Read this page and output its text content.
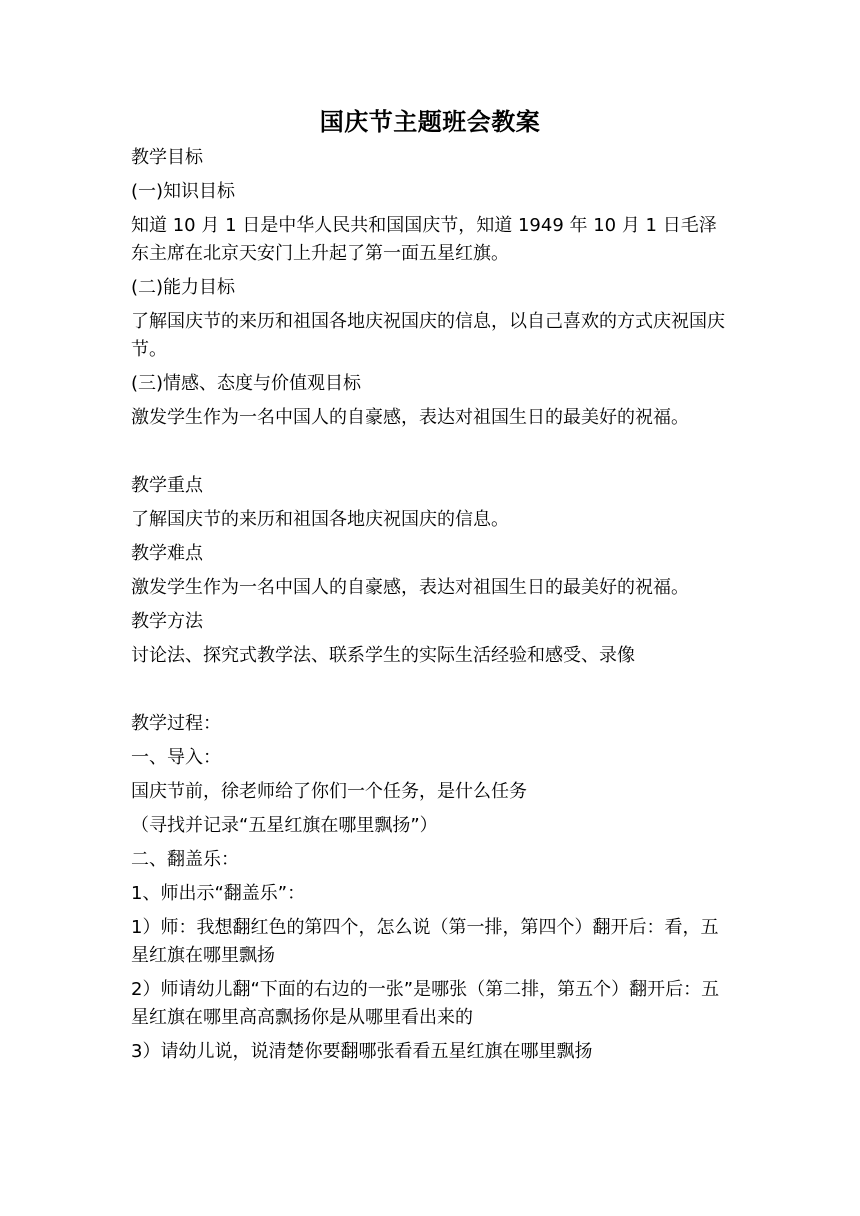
国庆节主题班会教案

教学目标

(一)知识目标

知道 10 月 1 日是中华人民共和国国庆节，知道 1949 年 10 月 1 日毛泽东主席在北京天安门上升起了第一面五星红旗。

(二)能力目标

了解国庆节的来历和祖国各地庆祝国庆的信息，以自己喜欢的方式庆祝国庆节。

(三)情感、态度与价值观目标

激发学生作为一名中国人的自豪感，表达对祖国生日的最美好的祝福。

教学重点

了解国庆节的来历和祖国各地庆祝国庆的信息。

教学难点

激发学生作为一名中国人的自豪感，表达对祖国生日的最美好的祝福。

教学方法

讨论法、探究式教学法、联系学生的实际生活经验和感受、录像

教学过程：

一、导入：

国庆节前，徐老师给了你们一个任务，是什么任务

（寻找并记录“五星红旗在哪里飘扬”）

二、翻盖乐：

1、师出示“翻盖乐”：

1）师：我想翻红色的第四个，怎么说（第一排，第四个）翻开后：看，五星红旗在哪里飘扬

2）师请幼儿翻“下面的右边的一张”是哪张（第二排，第五个）翻开后：五星红旗在哪里高高飘扬你是从哪里看出来的

3）请幼儿说，说清楚你要翻哪张看看五星红旗在哪里飘扬
